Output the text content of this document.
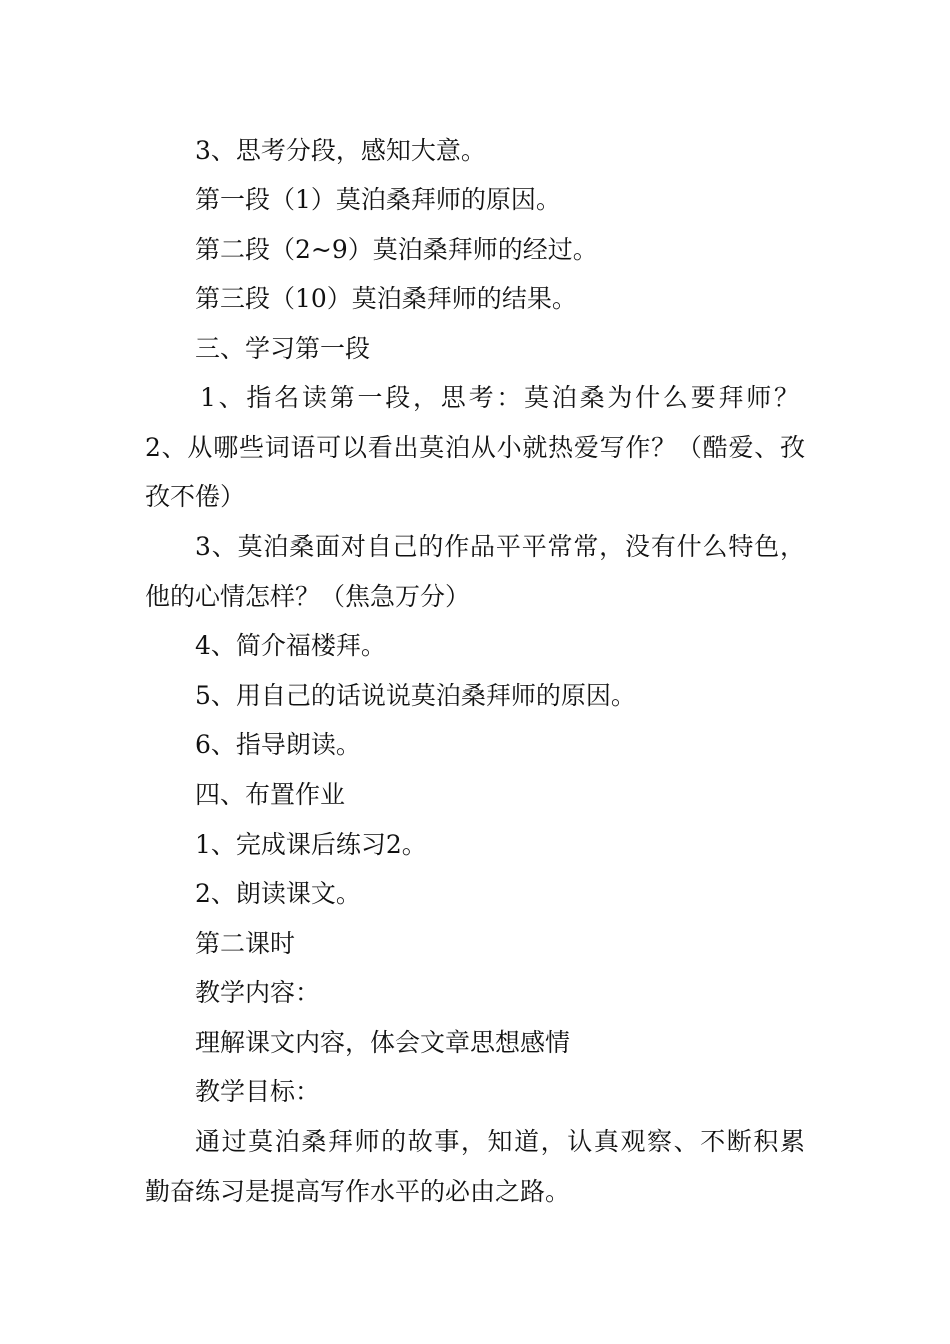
3、思考分段，感知大意。
第一段（1）莫泊桑拜师的原因。
第二段（2~9）莫泊桑拜师的经过。
第三段（10）莫泊桑拜师的结果。
三、学习第一段
1、指名读第一段，思考：莫泊桑为什么要拜师？
2、从哪些词语可以看出莫泊从小就热爱写作？（酷爱、孜
孜不倦）
3、莫泊桑面对自己的作品平平常常，没有什么特色，
他的心情怎样？（焦急万分）
4、简介福楼拜。
5、用自己的话说说莫泊桑拜师的原因。
6、指导朗读。
四、布置作业
1、完成课后练习2。
2、朗读课文。
第二课时
教学内容：
理解课文内容，体会文章思想感情
教学目标：
通过莫泊桑拜师的故事，知道，认真观察、不断积累
勤奋练习是提高写作水平的必由之路。
